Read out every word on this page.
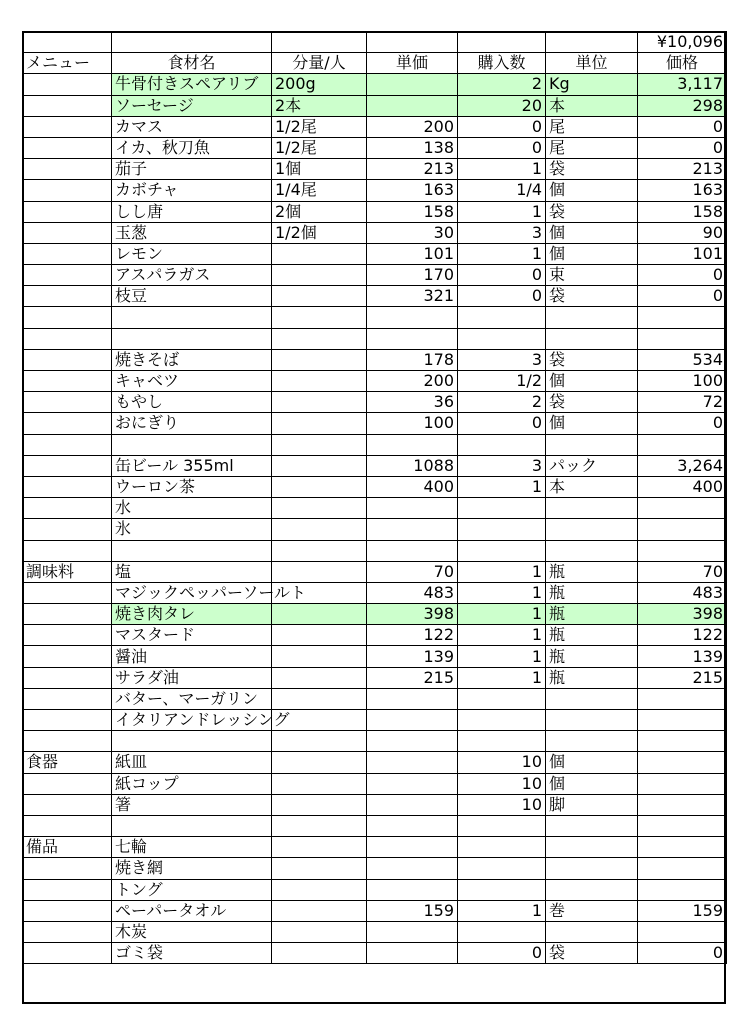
						¥10,096
メニュー	食材名	分量/人	単価	購入数	単位	価格
	牛骨付きスペアリブ	200g		2	Kg	3,117
	ソーセージ	2本		20	本	298
	カマス	1/2尾	200	0	尾	0
	イカ、秋刀魚	1/2尾	138	0	尾	0
	茄子	1個	213	1	袋	213
	カボチャ	1/4尾	163	1/4	個	163
	しし唐	2個	158	1	袋	158
	玉葱	1/2個	30	3	個	90
	レモン		101	1	個	101
	アスパラガス		170	0	束	0
	枝豆		321	0	袋	0

	焼きそば		178	3	袋	534
	キャベツ		200	1/2	個	100
	もやし		36	2	袋	72
	おにぎり		100	0	個	0

	缶ビール 355ml		1088	3	パック	3,264
	ウーロン茶		400	1	本	400
	水					
	氷					

調味料	塩		70	1	瓶	70
	マジックペッパーソールト		483	1	瓶	483
	焼き肉タレ		398	1	瓶	398
	マスタード		122	1	瓶	122
	醤油		139	1	瓶	139
	サラダ油		215	1	瓶	215
	バター、マーガリン					
	イタリアンドレッシング					

食器	紙皿			10	個	
	紙コップ			10	個	
	箸			10	脚	

備品	七輪					
	焼き網					
	トング					
	ペーパータオル		159	1	巻	159
	木炭					
	ゴミ袋			0	袋	0
